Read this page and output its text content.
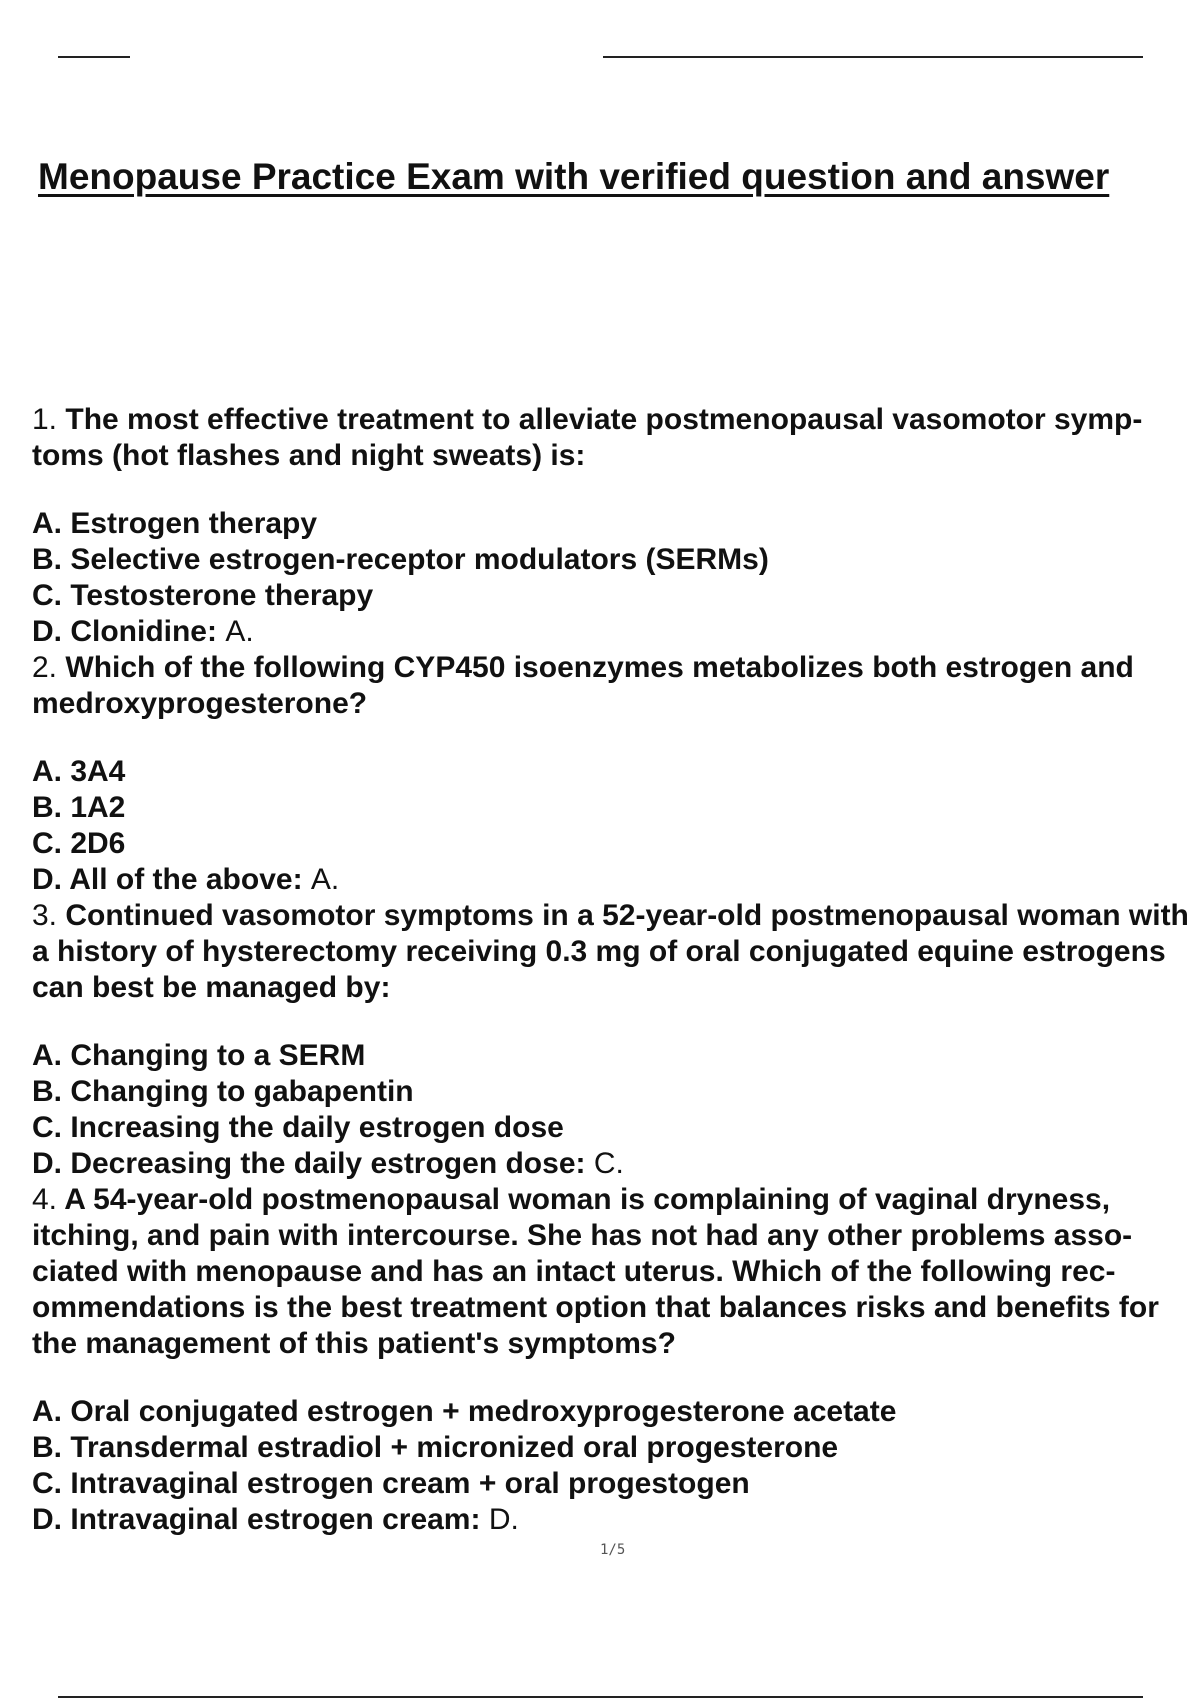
Menopause Practice Exam with verified question and answer

1. The most effective treatment to alleviate postmenopausal vasomotor symp-toms (hot flashes and night sweats) is:

A. Estrogen therapy
B. Selective estrogen-receptor modulators (SERMs)
C. Testosterone therapy
D. Clonidine: A.

2. Which of the following CYP450 isoenzymes metabolizes both estrogen and medroxyprogesterone?

A. 3A4
B. 1A2
C. 2D6
D. All of the above: A.

3. Continued vasomotor symptoms in a 52-year-old postmenopausal woman with a history of hysterectomy receiving 0.3 mg of oral conjugated equine estrogens can best be managed by:

A. Changing to a SERM
B. Changing to gabapentin
C. Increasing the daily estrogen dose
D. Decreasing the daily estrogen dose: C.

4. A 54-year-old postmenopausal woman is complaining of vaginal dryness, itching, and pain with intercourse. She has not had any other problems asso-ciated with menopause and has an intact uterus. Which of the following rec-ommendations is the best treatment option that balances risks and benefits for the management of this patient's symptoms?

A. Oral conjugated estrogen + medroxyprogesterone acetate
B. Transdermal estradiol + micronized oral progesterone
C. Intravaginal estrogen cream + oral progestogen
D. Intravaginal estrogen cream: D.
1/5
